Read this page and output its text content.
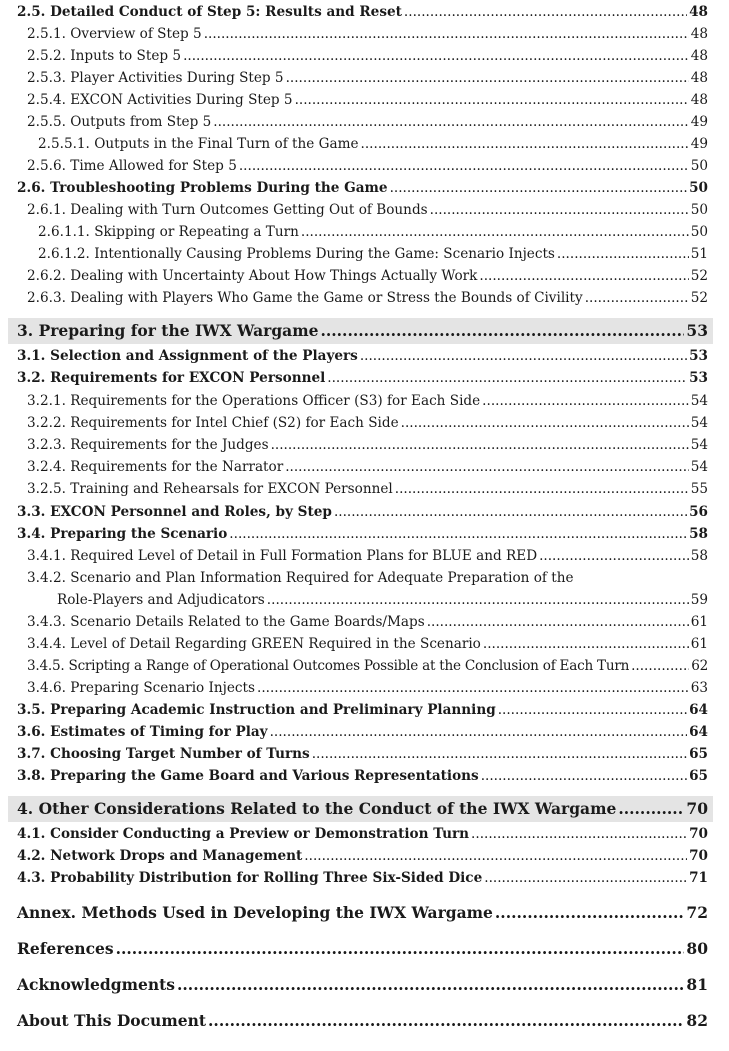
2.5. Detailed Conduct of Step 5: Results and Reset .....	48
2.5.1. Overview of Step 5 .....	48
2.5.2. Inputs to Step 5 .....	48
2.5.3. Player Activities During Step 5 .....	48
2.5.4. EXCON Activities During Step 5 .....	48
2.5.5. Outputs from Step 5 .....	49
2.5.5.1. Outputs in the Final Turn of the Game .....	49
2.5.6. Time Allowed for Step 5 .....	50
2.6. Troubleshooting Problems During the Game .....	50
2.6.1. Dealing with Turn Outcomes Getting Out of Bounds .....	50
2.6.1.1. Skipping or Repeating a Turn .....	50
2.6.1.2. Intentionally Causing Problems During the Game: Scenario Injects .....	51
2.6.2. Dealing with Uncertainty About How Things Actually Work .....	52
2.6.3. Dealing with Players Who Game the Game or Stress the Bounds of Civility .....	52
3. Preparing for the IWX Wargame .....	53
3.1. Selection and Assignment of the Players .....	53
3.2. Requirements for EXCON Personnel .....	53
3.2.1. Requirements for the Operations Officer (S3) for Each Side .....	54
3.2.2. Requirements for Intel Chief (S2) for Each Side .....	54
3.2.3. Requirements for the Judges .....	54
3.2.4. Requirements for the Narrator .....	54
3.2.5. Training and Rehearsals for EXCON Personnel .....	55
3.3. EXCON Personnel and Roles, by Step .....	56
3.4. Preparing the Scenario .....	58
3.4.1. Required Level of Detail in Full Formation Plans for BLUE and RED .....	58
3.4.2. Scenario and Plan Information Required for Adequate Preparation of the
Role-Players and Adjudicators .....	59
3.4.3. Scenario Details Related to the Game Boards/Maps .....	61
3.4.4. Level of Detail Regarding GREEN Required in the Scenario .....	61
3.4.5. Scripting a Range of Operational Outcomes Possible at the Conclusion of Each Turn .....	62
3.4.6. Preparing Scenario Injects .....	63
3.5. Preparing Academic Instruction and Preliminary Planning .....	64
3.6. Estimates of Timing for Play .....	64
3.7. Choosing Target Number of Turns .....	65
3.8. Preparing the Game Board and Various Representations .....	65
4. Other Considerations Related to the Conduct of the IWX Wargame .....	70
4.1. Consider Conducting a Preview or Demonstration Turn .....	70
4.2. Network Drops and Management .....	70
4.3. Probability Distribution for Rolling Three Six-Sided Dice .....	71
Annex. Methods Used in Developing the IWX Wargame .....	72
References .....	80
Acknowledgments .....	81
About This Document .....	82
